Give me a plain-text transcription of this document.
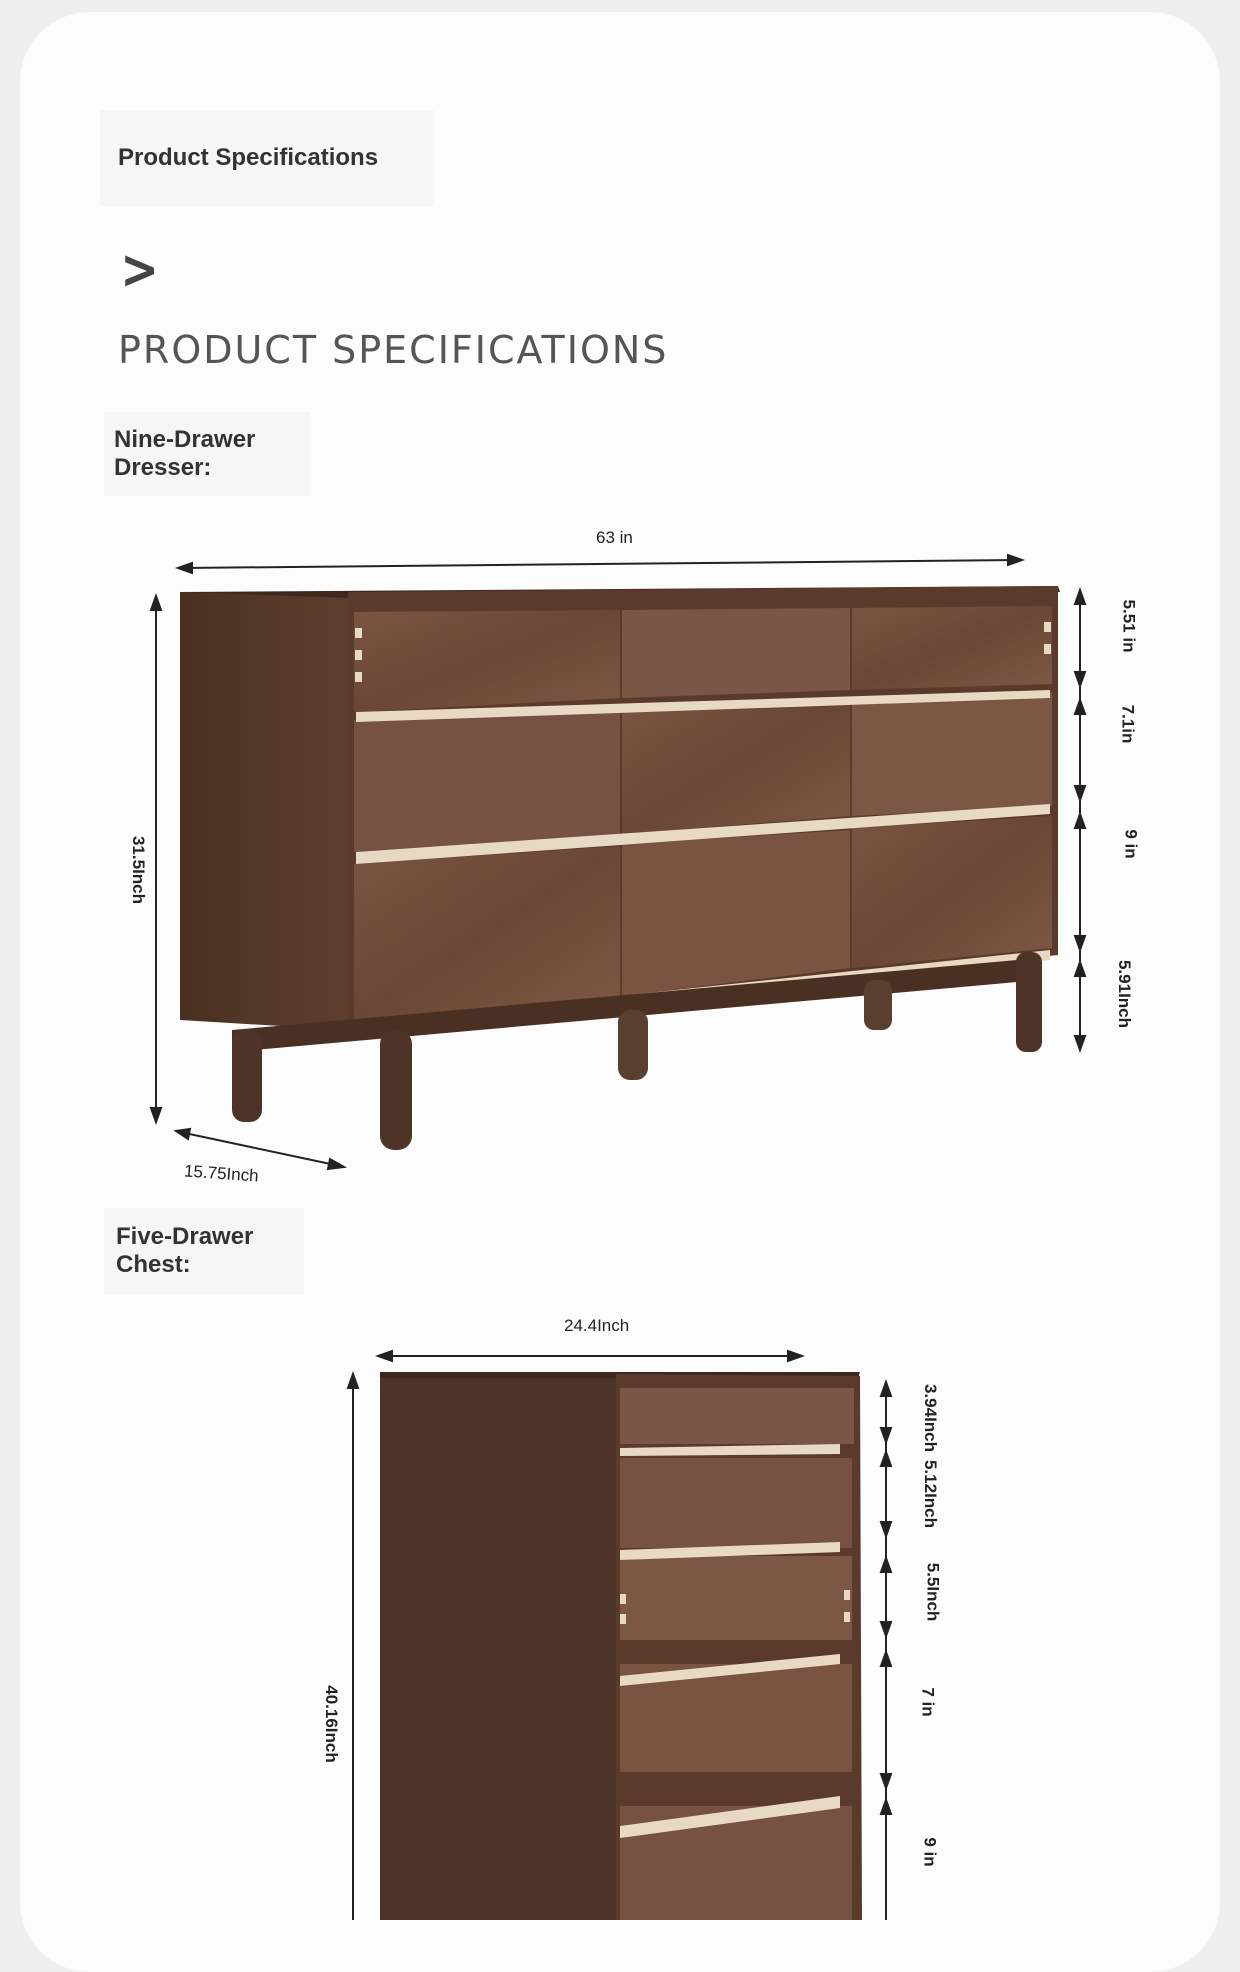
Product Specifications
>
PRODUCT SPECIFICATIONS
Nine-Drawer Dresser:
63 in
31.5Inch
15.75Inch
5.51 in
7.1in
9 in
5.91Inch
Five-Drawer Chest:
24.4Inch
40.16Inch
3.94Inch
5.12Inch
5.5Inch
7 in
9 in
